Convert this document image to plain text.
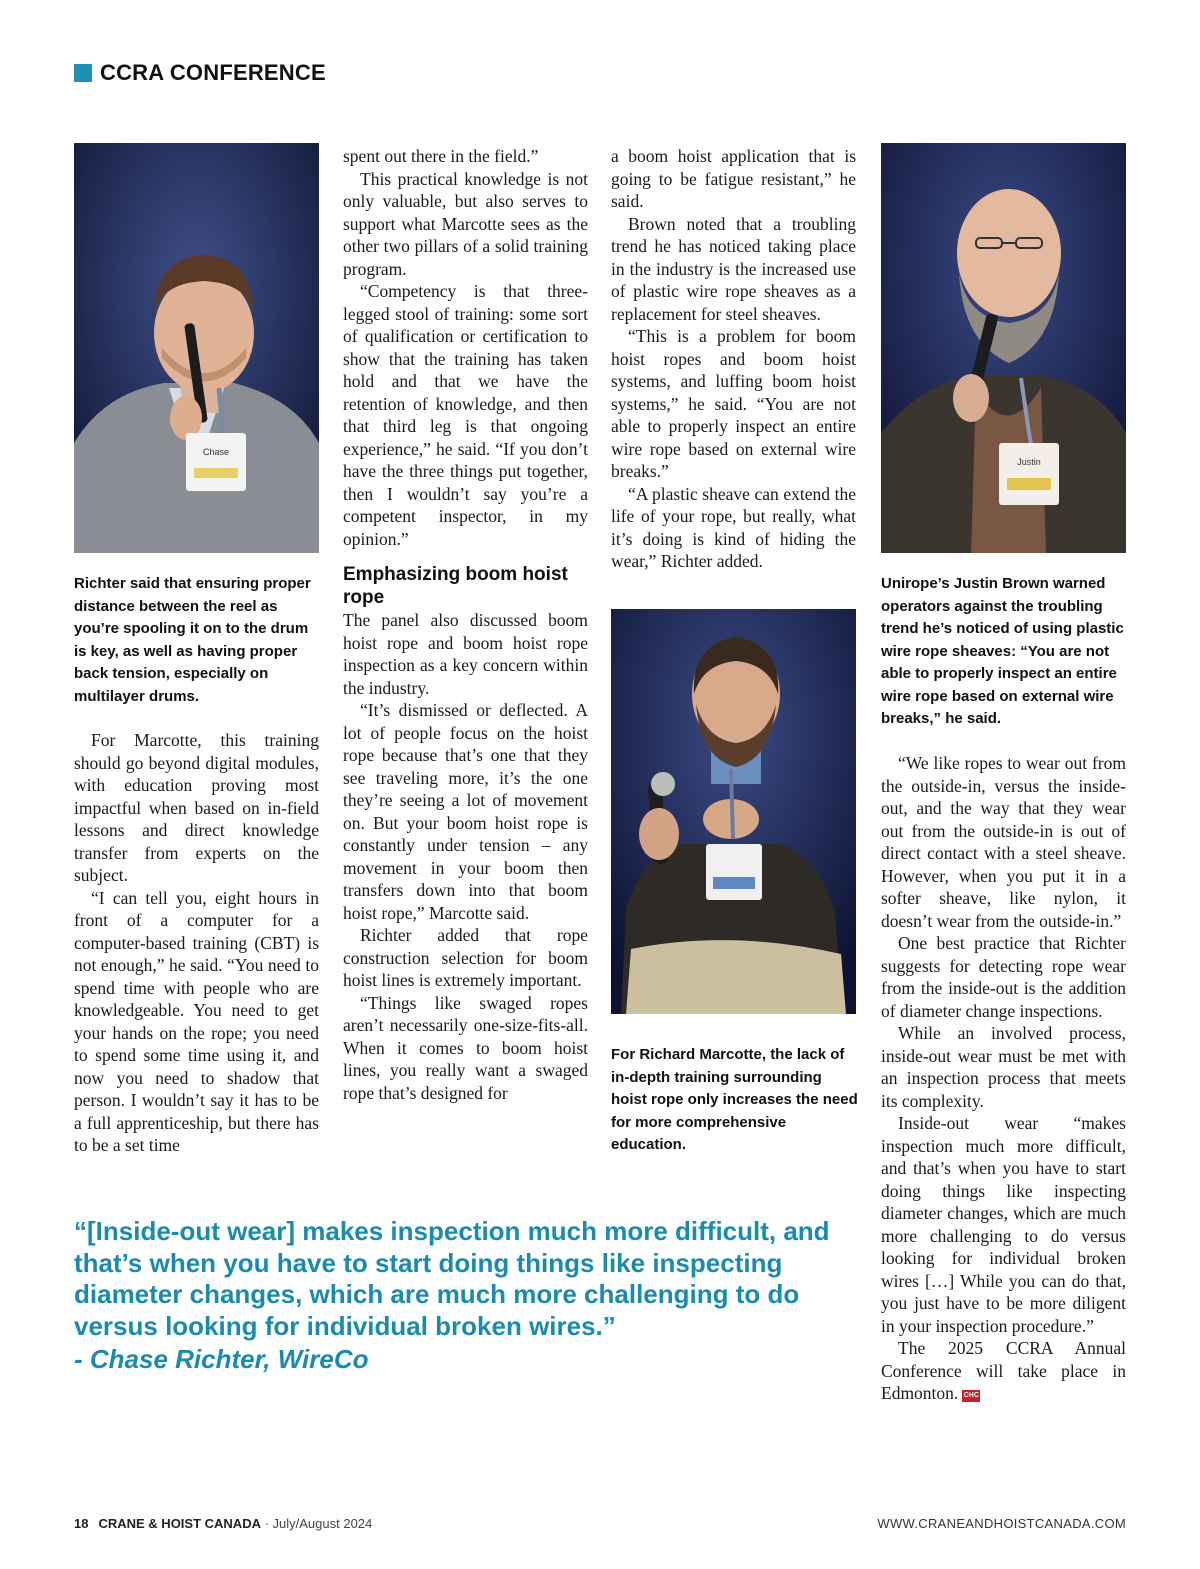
CCRA CONFERENCE
Chase
Justin

Richter said that ensuring proper distance between the reel as you’re spooling it on to the drum is key, as well as having proper back tension, especially on multilayer drums.

For Richard Marcotte, the lack of in-depth training surrounding hoist rope only increases the need for more comprehensive education.

Unirope’s Justin Brown warned operators against the troubling trend he’s noticed of using plastic wire rope sheaves: “You are not able to properly inspect an entire wire rope based on external wire breaks,” he said.

For Marcotte, this training should go beyond digital modules, with education proving most impactful when based on in-field lessons and direct knowledge transfer from experts on the subject.

“I can tell you, eight hours in front of a computer for a computer-based training (CBT) is not enough,” he said. “You need to spend time with people who are knowledgeable. You need to get your hands on the rope; you need to spend some time using it, and now you need to shadow that person. I wouldn’t say it has to be a full apprenticeship, but there has to be a set time

spent out there in the field.”

This practical knowledge is not only valuable, but also serves to support what Marcotte sees as the other two pillars of a solid training program.

“Competency is that three-legged stool of training: some sort of qualification or certification to show that the training has taken hold and that we have the retention of knowledge, and then that third leg is that ongoing experience,” he said. “If you don’t have the three things put together, then I wouldn’t say you’re a competent inspector, in my opinion.”

Emphasizing boom hoist rope

The panel also discussed boom hoist rope and boom hoist rope inspection as a key concern within the industry.

“It’s dismissed or deflected. A lot of people focus on the hoist rope because that’s one that they see traveling more, it’s the one they’re seeing a lot of movement on. But your boom hoist rope is constantly under tension – any movement in your boom then transfers down into that boom hoist rope,” Marcotte said.

Richter added that rope construction selection for boom hoist lines is extremely important.

“Things like swaged ropes aren’t necessarily one-size-fits-all. When it comes to boom hoist lines, you really want a swaged rope that’s designed for

a boom hoist application that is going to be fatigue resistant,” he said.

Brown noted that a troubling trend he has noticed taking place in the industry is the increased use of plastic wire rope sheaves as a replacement for steel sheaves.

“This is a problem for boom hoist ropes and boom hoist systems, and luffing boom hoist systems,” he said. “You are not able to properly inspect an entire wire rope based on external wire breaks.”

“A plastic sheave can extend the life of your rope, but really, what it’s doing is kind of hiding the wear,” Richter added.

“We like ropes to wear out from the outside-in, versus the inside-out, and the way that they wear out from the outside-in is out of direct contact with a steel sheave. However, when you put it in a softer sheave, like nylon, it doesn’t wear from the outside-in.”

One best practice that Richter suggests for detecting rope wear from the inside-out is the addition of diameter change inspections.

While an involved process, inside-out wear must be met with an inspection process that meets its complexity.

Inside-out wear “makes inspection much more difficult, and that’s when you have to start doing things like inspecting diameter changes, which are much more challenging to do versus looking for individual broken wires […] While you can do that, you just have to be more diligent in your inspection procedure.”

The 2025 CCRA Annual Conference will take place in Edmonton. CHC

“[Inside-out wear] makes inspection much more difficult, and that’s when you have to start doing things like inspecting diameter changes, which are much more challenging to do versus looking for individual broken wires.”
- Chase Richter, WireCo
18 CRANE & HOIST CANADA · July/August 2024	WWW.CRANEANDHOISTCANADA.COM
